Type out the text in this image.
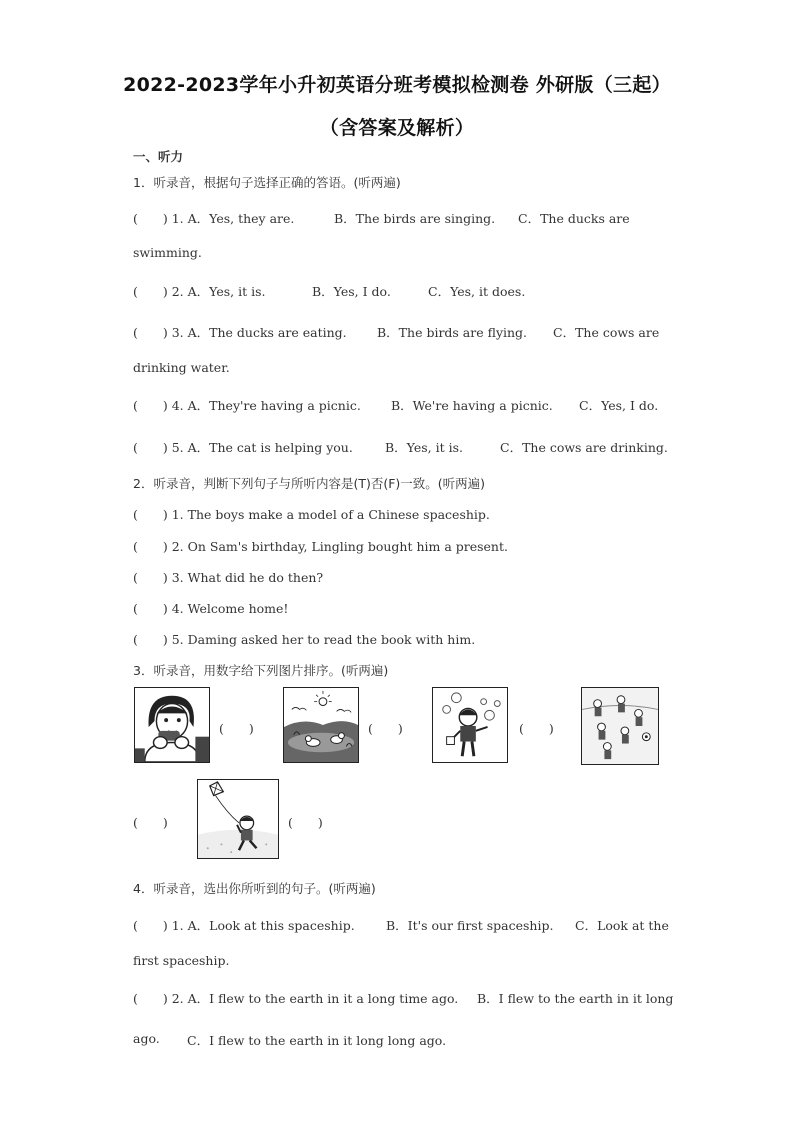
2022-2023学年小升初英语分班考模拟检测卷 外研版（三起）
（含答案及解析）
一、听力
1．听录音，根据句子选择正确的答语。(听两遍)
(　　) 1. A．Yes, they are.	B．The birds are singing. C．The ducks are
swimming.
(　　) 2. A．Yes, it is.	B．Yes, I do.	C．Yes, it does.
(　　) 3. A．The ducks are eating. B．The birds are flying. C．The cows are
drinking water.
(　　) 4. A．They're having a picnic. B．We're having a picnic. C．Yes, I do.
(　　) 5. A．The cat is helping you.	B．Yes, it is.	C．The cows are drinking.
2．听录音，判断下列句子与所听内容是(T)否(F)一致。(听两遍)
(　　) 1. The boys make a model of a Chinese spaceship.
(　　) 2. On Sam's birthday, Lingling bought him a present.
(　　) 3. What did he do then?
(　　) 4. Welcome home!
(　　) 5. Daming asked her to read the book with him.
3．听录音，用数字给下列图片排序。(听两遍)
(　　)	(　　)	(　　)
(　　)	(　　)
4．听录音，选出你所听到的句子。(听两遍)
(　　) 1. A．Look at this spaceship.	B．It's our first spaceship. C．Look at the
first spaceship.
(　　) 2. A．I flew to the earth in it a long time ago. B．I flew to the earth in it long
ago. C．I flew to the earth in it long long ago.
